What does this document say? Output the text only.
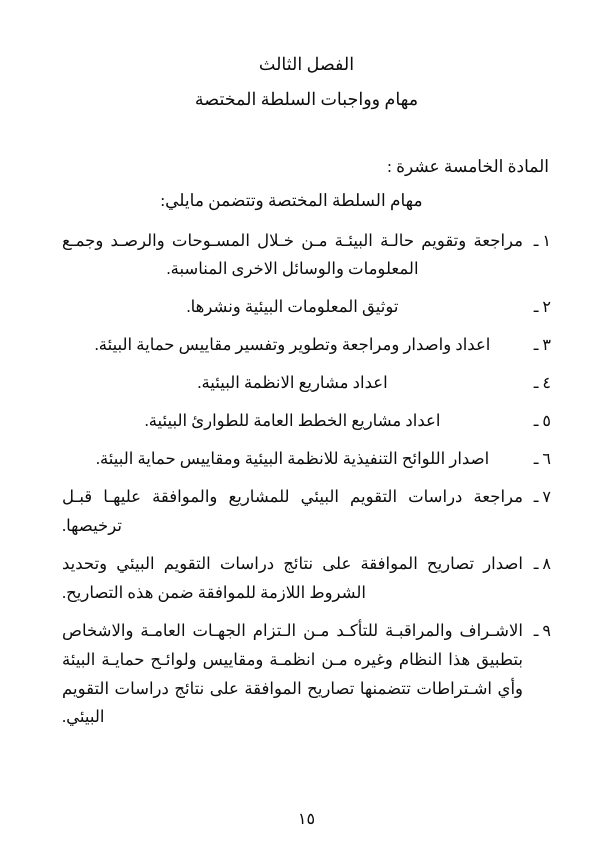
الفصل الثالث
مهام وواجبات السلطة المختصة
المادة الخامسة عشرة :
مهام السلطة المختصة وتتضمن مايلي:
١ ـ
مراجعة وتقويم حالـة البيئـة مـن خـلال المسـوحات والرصـد وجمـع المعلومات والوسائل الاخرى المناسبة.
٢ ـ
توثيق المعلومات البيئية ونشرها.
٣ ـ
اعداد واصدار ومراجعة وتطوير وتفسير مقاييس حماية البيئة.
٤ ـ
اعداد مشاريع الانظمة البيئية.
٥ ـ
اعداد مشاريع الخطط العامة للطوارئ البيئية.
٦ ـ
اصدار اللوائح التنفيذية للانظمة البيئية ومقاييس حماية البيئة.
٧ ـ
مراجعة دراسات التقويم البيئي للمشاريع والموافقة عليهـا قبـل ترخيصها.
٨ ـ
اصدار تصاريح الموافقة على نتائج دراسات التقويم البيئي وتحديد الشروط اللازمة للموافقة ضمن هذه التصاريح.
٩ ـ
الاشـراف والمراقبـة للتأكـد مـن الـتزام الجهـات العامـة والاشخاص بتطبيق هذا النظام وغيره مـن انظمـة ومقاييس ولوائـح حمايـة البيئة وأي اشـتراطات تتضمنها تصاريح الموافقة على نتائج دراسات التقويم البيئي.
١٥
